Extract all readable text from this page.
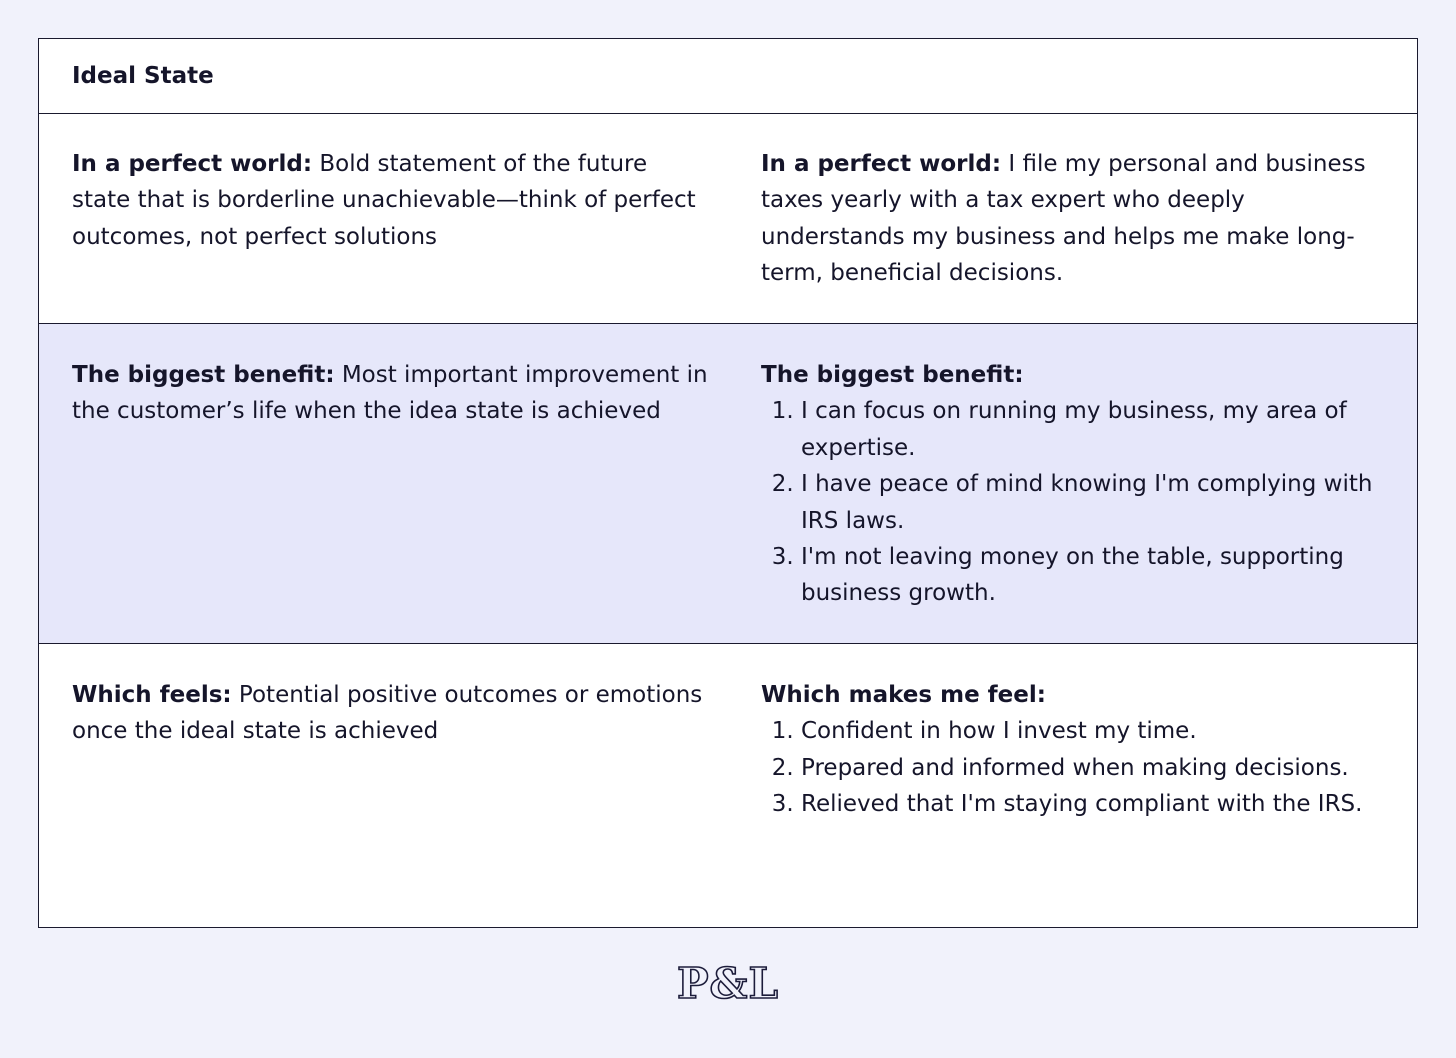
Ideal State
In a perfect world: Bold statement of the future state that is borderline unachievable—think of perfect outcomes, not perfect solutions
In a perfect world: I file my personal and business taxes yearly with a tax expert who deeply understands my business and helps me make long-term, beneficial decisions.
The biggest benefit: Most important improvement in the customer’s life when the idea state is achieved
The biggest benefit:
1. I can focus on running my business, my area of expertise.
2. I have peace of mind knowing I'm complying with IRS laws.
3. I'm not leaving money on the table, supporting business growth.
Which feels: Potential positive outcomes or emotions once the ideal state is achieved
Which makes me feel:
1. Confident in how I invest my time.
2. Prepared and informed when making decisions.
3. Relieved that I'm staying compliant with the IRS.
P&L
